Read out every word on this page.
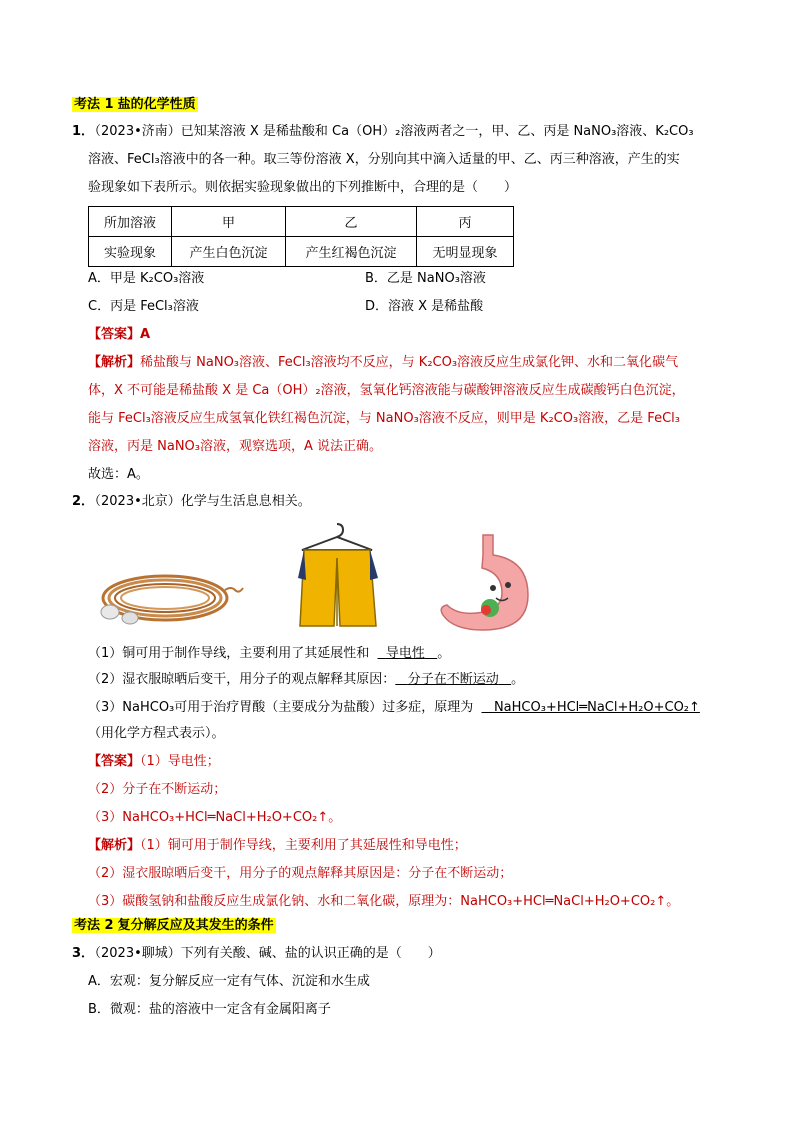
考法 1 盐的化学性质
1．
（2023•济南）已知某溶液 X 是稀盐酸和 Ca（OH）₂溶液两者之一，甲、乙、丙是 NaNO₃溶液、K₂CO₃
溶液、FeCl₃溶液中的各一种。取三等份溶液 X，分别向其中滴入适量的甲、乙、丙三种溶液，产生的实
验现象如下表所示。则依据实验现象做出的下列推断中，合理的是（　　）
所加溶液	甲	乙	丙
实验现象	产生白色沉淀	产生红褐色沉淀	无明显现象
A．甲是 K₂CO₃溶液	B．乙是 NaNO₃溶液
C．丙是 FeCl₃溶液	D．溶液 X 是稀盐酸
【答案】A
【解析】稀盐酸与 NaNO₃溶液、FeCl₃溶液均不反应，与 K₂CO₃溶液反应生成氯化钾、水和二氧化碳气
体，X 不可能是稀盐酸 X 是 Ca（OH）₂溶液，氢氧化钙溶液能与碳酸钾溶液反应生成碳酸钙白色沉淀，
能与 FeCl₃溶液反应生成氢氧化铁红褐色沉淀，与 NaNO₃溶液不反应，则甲是 K₂CO₃溶液，乙是 FeCl₃
溶液，丙是 NaNO₃溶液，观察选项，A 说法正确。
故选：A。
2．
（2023•北京）化学与生活息息相关。
（1）铜可用于制作导线，主要利用了其延展性和 导电性 。
（2）湿衣服晾晒后变干，用分子的观点解释其原因： 分子在不断运动 。
（3）NaHCO₃可用于治疗胃酸（主要成分为盐酸）过多症，原理为 NaHCO₃+HCl═NaCl+H₂O+CO₂↑
（用化学方程式表示）。
【答案】（1）导电性；
（2）分子在不断运动；
（3）NaHCO₃+HCl═NaCl+H₂O+CO₂↑。
【解析】（1）铜可用于制作导线，主要利用了其延展性和导电性；
（2）湿衣服晾晒后变干，用分子的观点解释其原因是：分子在不断运动；
（3）碳酸氢钠和盐酸反应生成氯化钠、水和二氧化碳，原理为：NaHCO₃+HCl═NaCl+H₂O+CO₂↑。
考法 2 复分解反应及其发生的条件
3．
（2023•聊城）下列有关酸、碱、盐的认识正确的是（　　）
A．宏观：复分解反应一定有气体、沉淀和水生成
B．微观：盐的溶液中一定含有金属阳离子
